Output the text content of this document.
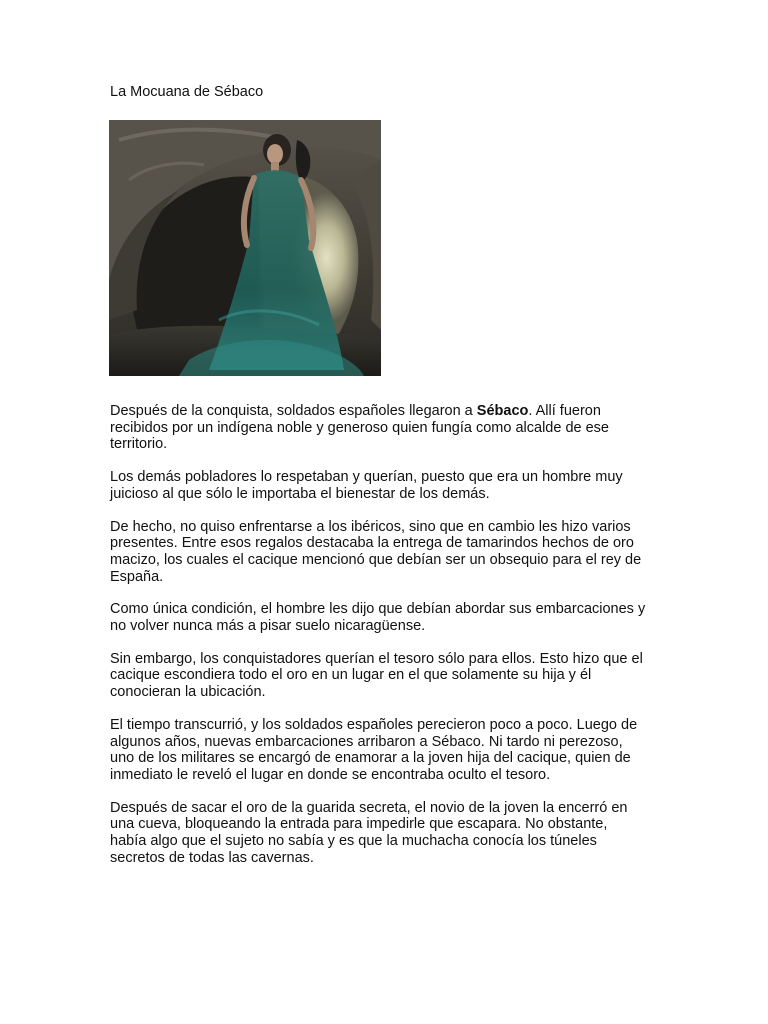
La Mocuana de Sébaco

Después de la conquista, soldados españoles llegaron a Sébaco. Allí fueron
recibidos por un indígena noble y generoso quien fungía como alcalde de ese
territorio.

Los demás pobladores lo respetaban y querían, puesto que era un hombre muy
juicioso al que sólo le importaba el bienestar de los demás.

De hecho, no quiso enfrentarse a los ibéricos, sino que en cambio les hizo varios
presentes. Entre esos regalos destacaba la entrega de tamarindos hechos de oro
macizo, los cuales el cacique mencionó que debían ser un obsequio para el rey de
España.

Como única condición, el hombre les dijo que debían abordar sus embarcaciones y
no volver nunca más a pisar suelo nicaragüense.

Sin embargo, los conquistadores querían el tesoro sólo para ellos. Esto hizo que el
cacique escondiera todo el oro en un lugar en el que solamente su hija y él
conocieran la ubicación.

El tiempo transcurrió, y los soldados españoles perecieron poco a poco. Luego de
algunos años, nuevas embarcaciones arribaron a Sébaco. Ni tardo ni perezoso,
uno de los militares se encargó de enamorar a la joven hija del cacique, quien de
inmediato le reveló el lugar en donde se encontraba oculto el tesoro.

Después de sacar el oro de la guarida secreta, el novio de la joven la encerró en
una cueva, bloqueando la entrada para impedirle que escapara. No obstante,
había algo que el sujeto no sabía y es que la muchacha conocía los túneles
secretos de todas las cavernas.
